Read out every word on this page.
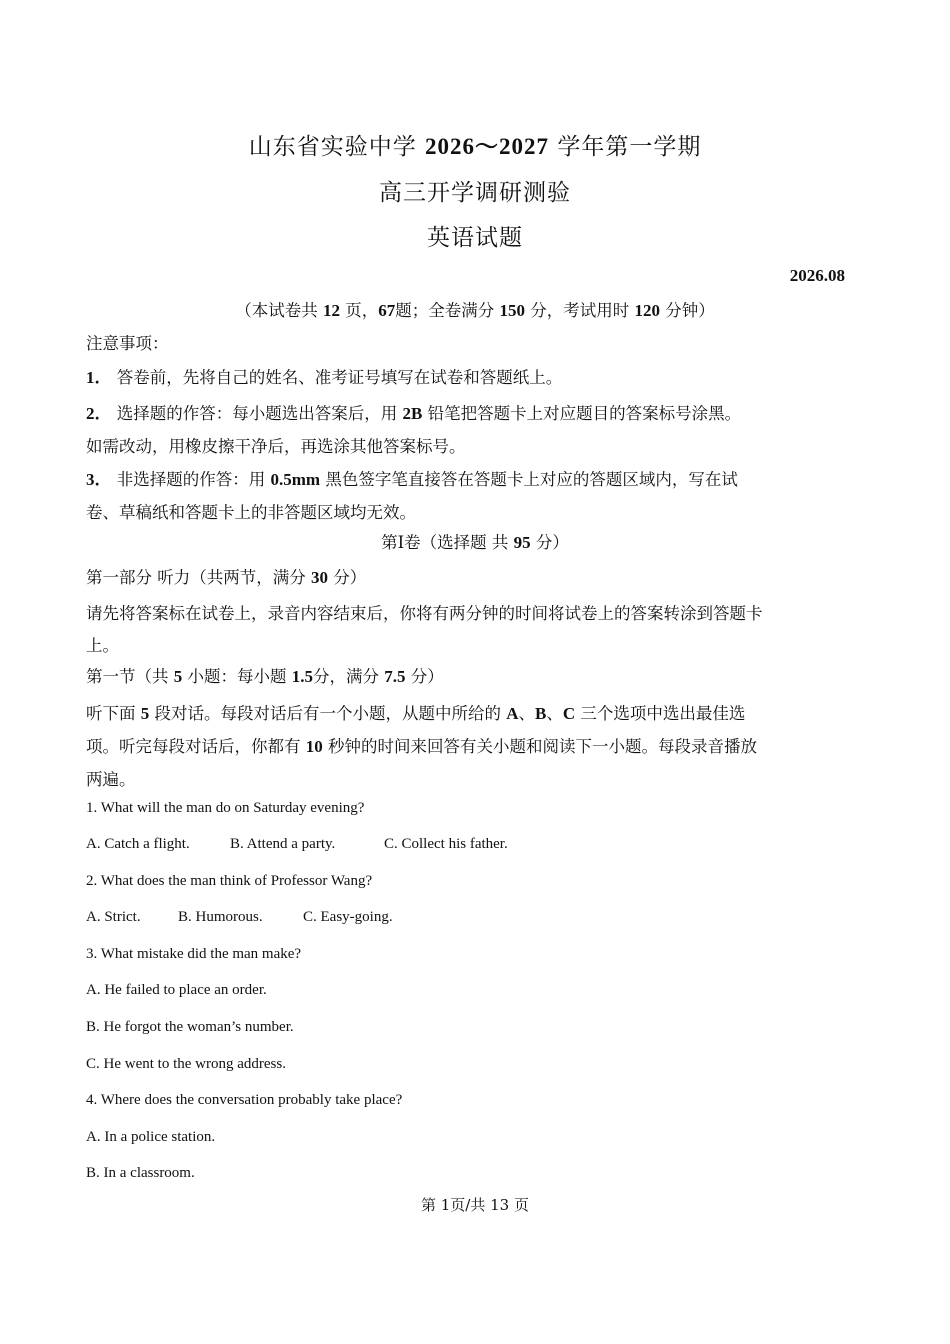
山东省实验中学 2026～2027 学年第一学期
高三开学调研测验
英语试题
2026.08
（本试卷共 12 页，67题；全卷满分 150 分，考试用时 120 分钟）
注意事项：
1． 答卷前，先将自己的姓名、准考证号填写在试卷和答题纸上。
2． 选择题的作答：每小题选出答案后，用 2B 铅笔把答题卡上对应题目的答案标号涂黑。
如需改动，用橡皮擦干净后，再选涂其他答案标号。
3． 非选择题的作答：用 0.5mm 黑色签字笔直接答在答题卡上对应的答题区域内，写在试
卷、草稿纸和答题卡上的非答题区域均无效。
第Ⅰ卷（选择题 共 95 分）
第一部分 听力（共两节，满分 30 分）
请先将答案标在试卷上，录音内容结束后，你将有两分钟的时间将试卷上的答案转涂到答题卡
上。
第一节（共 5 小题：每小题 1.5分，满分 7.5 分）
听下面 5 段对话。每段对话后有一个小题，从题中所给的 A、B、C 三个选项中选出最佳选
项。听完每段对话后，你都有 10 秒钟的时间来回答有关小题和阅读下一小题。每段录音播放
两遍。
1. What will the man do on Saturday evening?
A. Catch a flight.	B. Attend a party.	C. Collect his father.
2. What does the man think of Professor Wang?
A. Strict. B. Humorous.	C. Easy-going.
3. What mistake did the man make?
A. He failed to place an order.
B. He forgot the woman’s number.
C. He went to the wrong address.
4. Where does the conversation probably take place?
A. In a police station.
B. In a classroom.
第 1页/共 13 页
